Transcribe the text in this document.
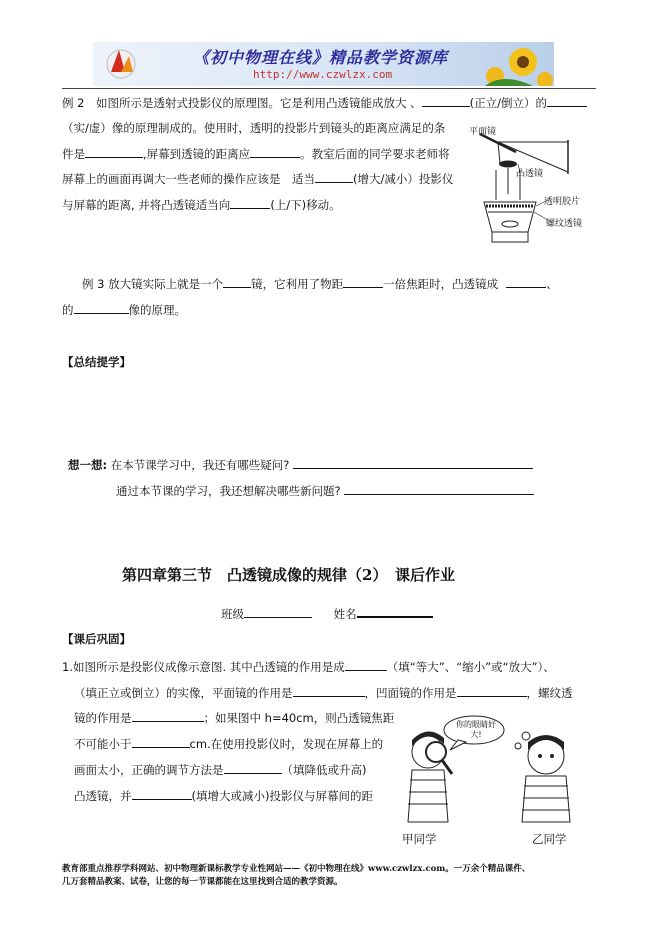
《初中物理在线》精品教学资源库
http://www.czwlzx.com
例 2　如图所示是透射式投影仪的原理图。它是利用凸透镜能成放大 、	(正立/倒立）的
（实/虚）像的原理制成的。使用时，透明的投影片到镜头的距离应满足的条
件是	,屏幕到透镜的距离应	。教室后面的同学要求老师将
屏幕上的画面再调大一些老师的操作应该是　适当	(增大/减小）投影仪
与屏幕的距离, 并将凸透镜适当向	(上/下)移动。
平面镜
凸透镜
透明胶片
螺纹透镜
例 3 放大镜实际上就是一个 镜，它利用了物距	一倍焦距时，凸透镜成	、
的	像的原理。
【总结提学】
想一想: 在本节课学习中，我还有哪些疑问?
通过本节课的学习，我还想解决哪些新问题?
第四章第三节　凸透镜成像的规律（2）　课后作业
班级	姓名
【课后巩固】
1.如图所示是投影仪成像示意图. 其中凸透镜的作用是成	（填“等大”、“缩小”或“放大”）、
（填正立或倒立）的实像，平面镜的作用是	，凹面镜的作用是	，螺纹透
镜的作用是	；如果图中 h=40cm，则凸透镜焦距
不可能小于	cm.在使用投影仪时，发现在屏幕上的
画面太小，正确的调节方法是	（填降低或升高)
凸透镜，并	(填增大或减小)投影仪与屏幕间的距
你的眼睛好大!
甲同学	乙同学
教育部重点推荐学科网站、初中物理新课标教学专业性网站——《初中物理在线》www.czwlzx.com。一万余个精品课件、
几万套精品教案、试卷，让您的每一节课都能在这里找到合适的教学资源。
